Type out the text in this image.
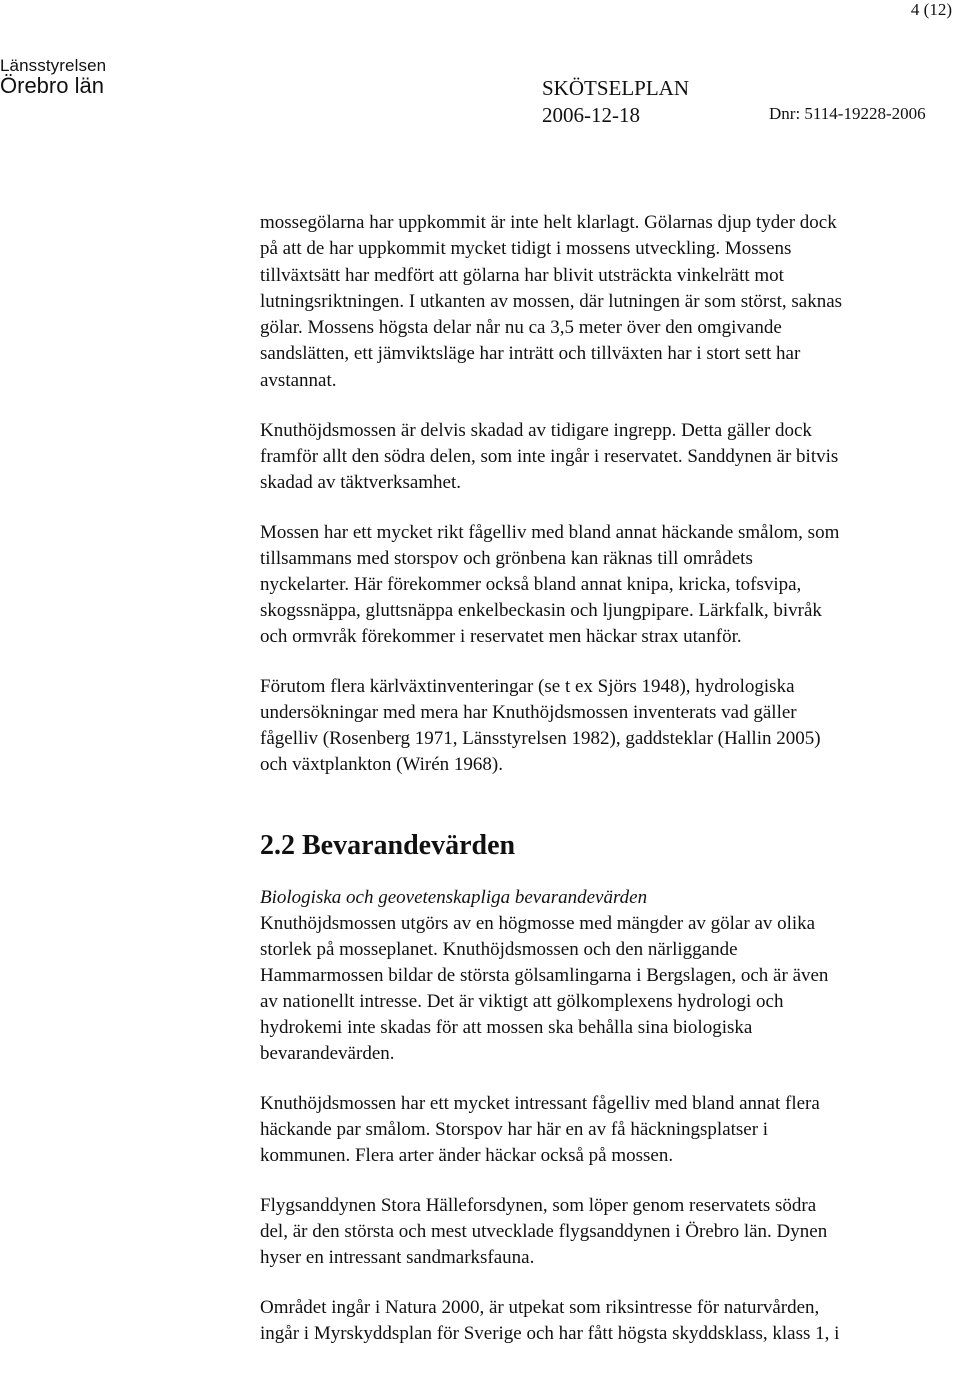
4 (12)
Länsstyrelsen
Örebro län	SKÖTSELPLAN
2006-12-18	Dnr: 5114-19228-2006

mossegölarna har uppkommit är inte helt klarlagt. Gölarnas djup tyder dock
på att de har uppkommit mycket tidigt i mossens utveckling. Mossens
tillväxtsätt har medfört att gölarna har blivit utsträckta vinkelrätt mot
lutningsriktningen. I utkanten av mossen, där lutningen är som störst, saknas
gölar. Mossens högsta delar når nu ca 3,5 meter över den omgivande
sandslätten, ett jämviktsläge har inträtt och tillväxten har i stort sett har
avstannat.

Knuthöjdsmossen är delvis skadad av tidigare ingrepp. Detta gäller dock
framför allt den södra delen, som inte ingår i reservatet. Sanddynen är bitvis
skadad av täktverksamhet.

Mossen har ett mycket rikt fågelliv med bland annat häckande smålom, som
tillsammans med storspov och grönbena kan räknas till områdets
nyckelarter. Här förekommer också bland annat knipa, kricka, tofsvipa,
skogssnäppa, gluttsnäppa enkelbeckasin och ljungpipare. Lärkfalk, bivråk
och ormvråk förekommer i reservatet men häckar strax utanför.

Förutom flera kärlväxtinventeringar (se t ex Sjörs 1948), hydrologiska
undersökningar med mera har Knuthöjdsmossen inventerats vad gäller
fågelliv (Rosenberg 1971, Länsstyrelsen 1982), gaddsteklar (Hallin 2005)
och växtplankton (Wirén 1968).

2.2 Bevarandevärden

Biologiska och geovetenskapliga bevarandevärden
Knuthöjdsmossen utgörs av en högmosse med mängder av gölar av olika
storlek på mosseplanet. Knuthöjdsmossen och den närliggande
Hammarmossen bildar de största gölsamlingarna i Bergslagen, och är även
av nationellt intresse. Det är viktigt att gölkomplexens hydrologi och
hydrokemi inte skadas för att mossen ska behålla sina biologiska
bevarandevärden.

Knuthöjdsmossen har ett mycket intressant fågelliv med bland annat flera
häckande par smålom. Storspov har här en av få häckningsplatser i
kommunen. Flera arter änder häckar också på mossen.

Flygsanddynen Stora Hälleforsdynen, som löper genom reservatets södra
del, är den största och mest utvecklade flygsanddynen i Örebro län. Dynen
hyser en intressant sandmarksfauna.

Området ingår i Natura 2000, är utpekat som riksintresse för naturvården,
ingår i Myrskyddsplan för Sverige och har fått högsta skyddsklass, klass 1, i
